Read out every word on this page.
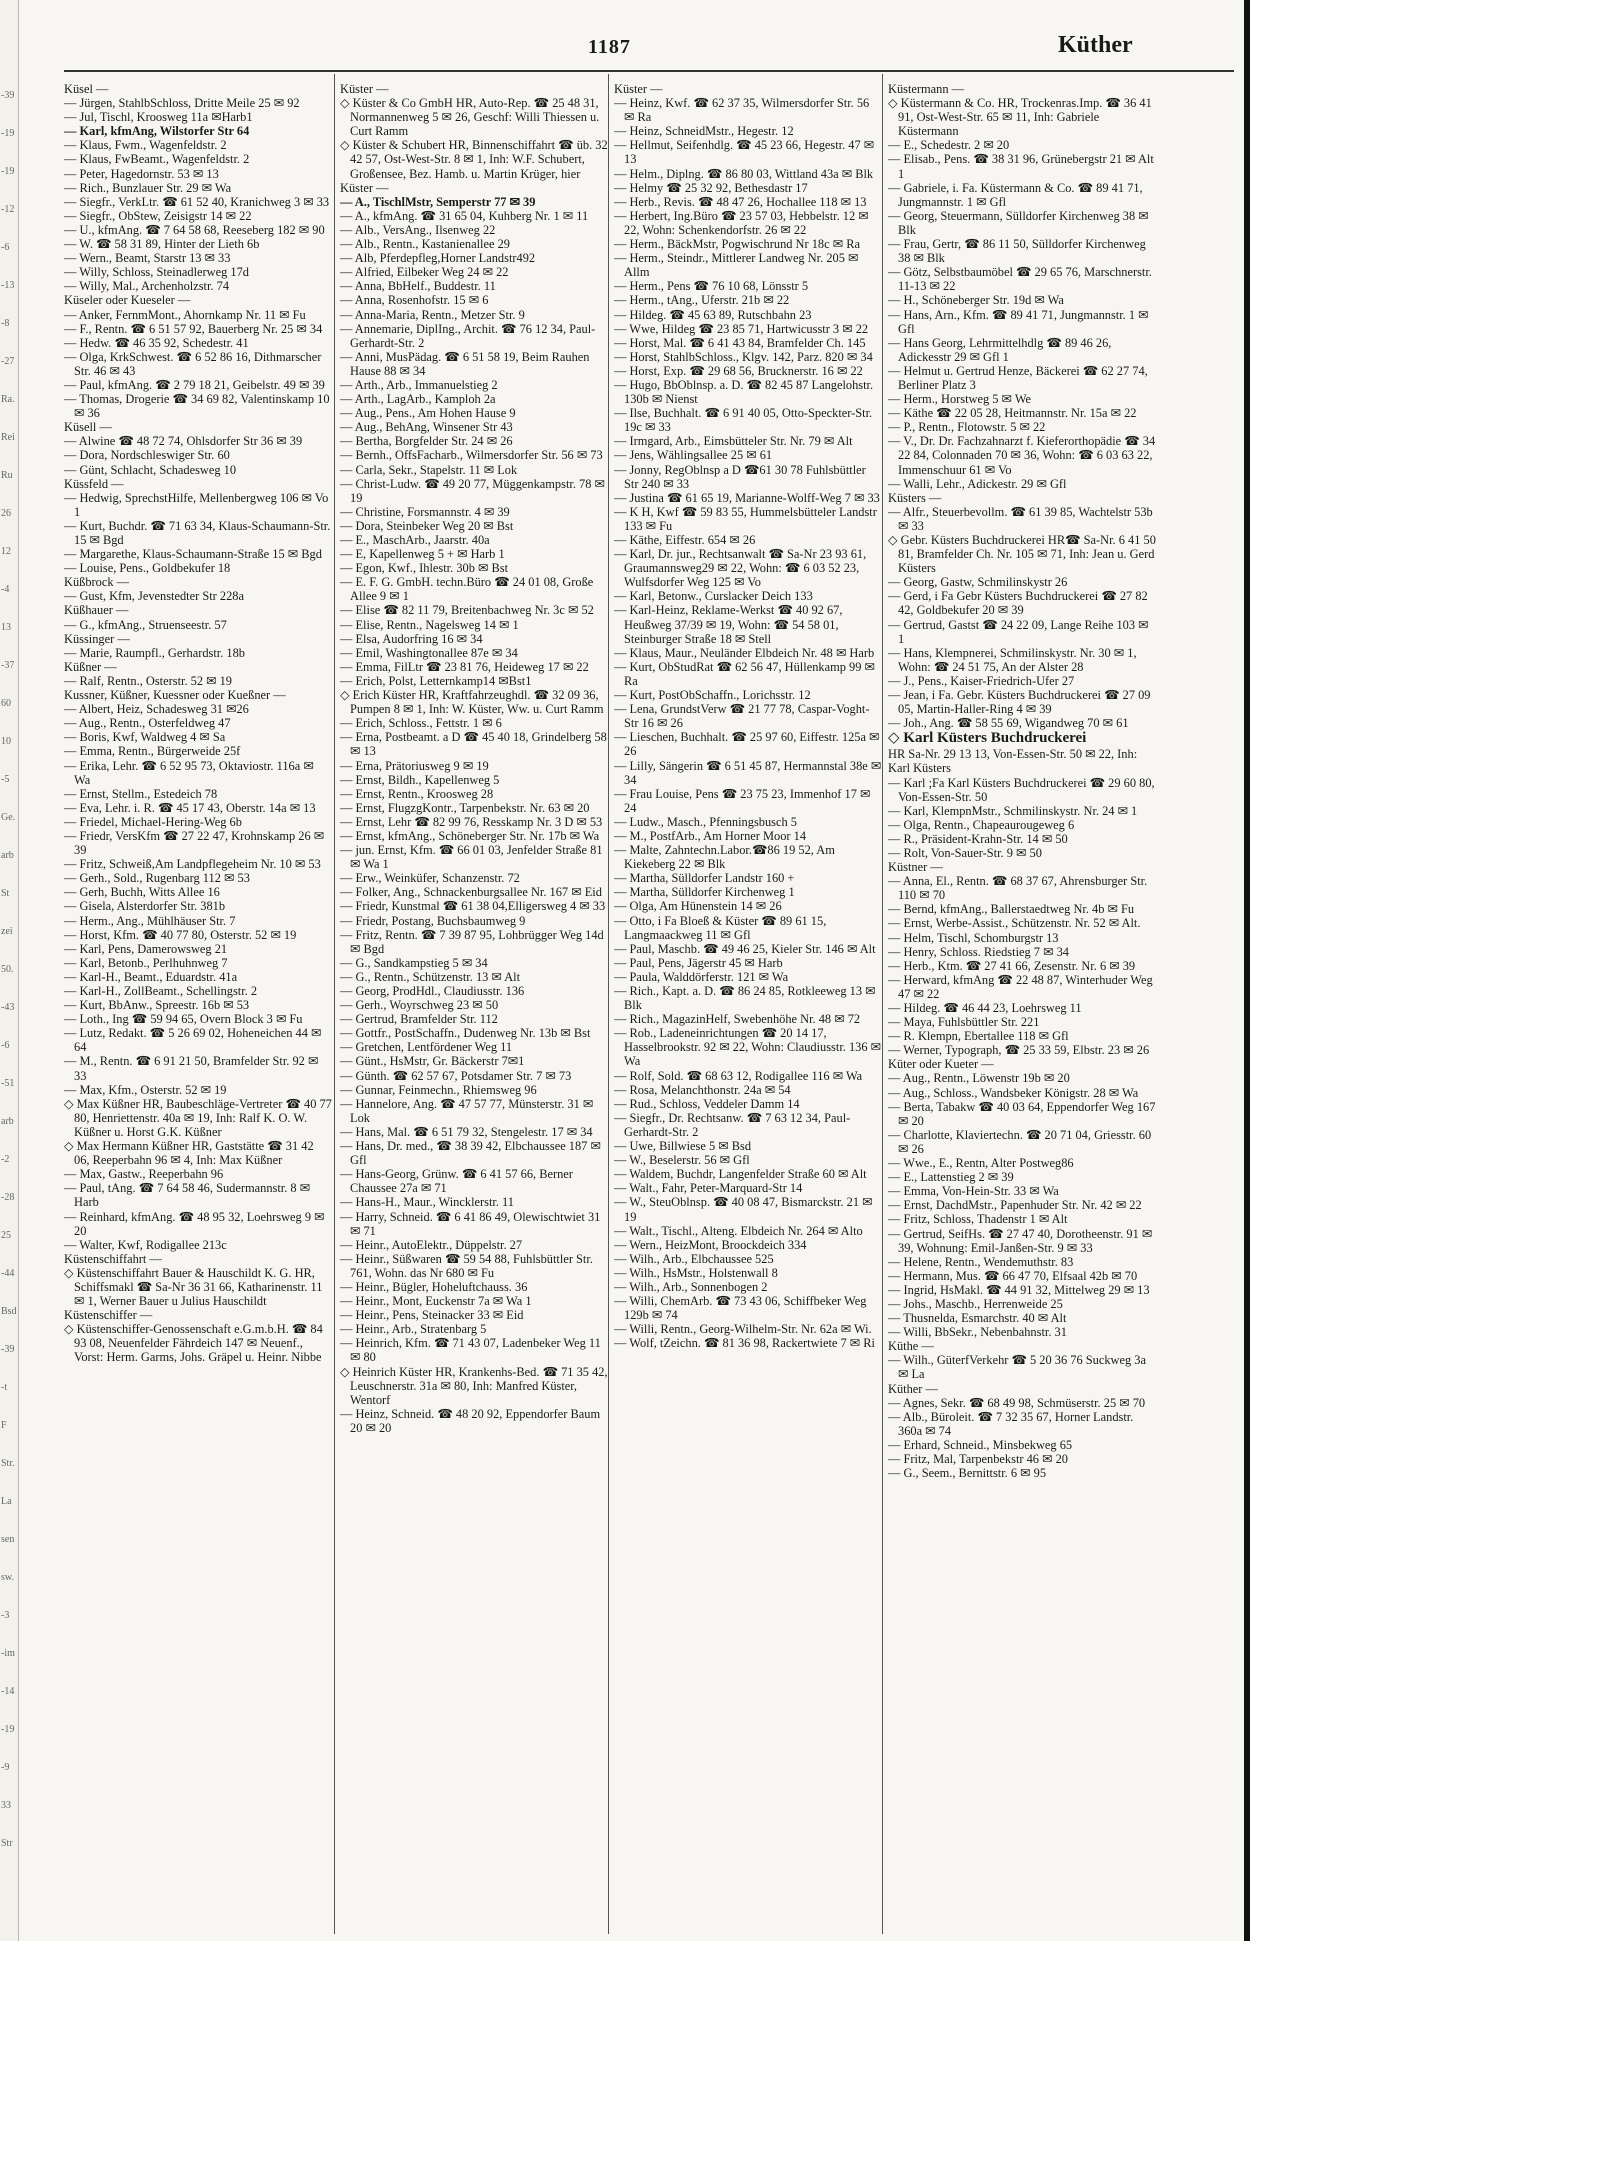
-39
-19
-19
-12
-6
-13
-8
-27
Ra.
Rei
Ru
26
12
-4
13
-37
60
10
-5
Ge.
arb
St
zei
50.
-43
-6
-51
arb
-2
-28
25
-44
Bsd
-39
-t
F
Str.
La
sen
sw.
-3
-im
-14
-19
-9
33
Str
1187	Küther

Küsel —

— Jürgen, StahlbSchloss, Dritte Meile 25 ✉ 92

— Jul, Tischl, Kroosweg 11a ✉Harb1

— Karl, kfmAng, Wilstorfer Str 64

— Klaus, Fwm., Wagenfeldstr. 2

— Klaus, FwBeamt., Wagenfeldstr. 2

— Peter, Hagedornstr. 53 ✉ 13

— Rich., Bunzlauer Str. 29 ✉ Wa

— Siegfr., VerkLtr. ☎ 61 52 40, Kranichweg 3 ✉ 33

— Siegfr., ObStew, Zeisigstr 14 ✉ 22

— U., kfmAng. ☎ 7 64 58 68, Reeseberg 182 ✉ 90

— W. ☎ 58 31 89, Hinter der Lieth 6b

— Wern., Beamt, Starstr 13 ✉ 33

— Willy, Schloss, Steinadlerweg 17d

— Willy, Mal., Archenholzstr. 74

Küseler oder Kueseler —

— Anker, FernmMont., Ahornkamp Nr. 11 ✉ Fu

— F., Rentn. ☎ 6 51 57 92, Bauerberg Nr. 25 ✉ 34

— Hedw. ☎ 46 35 92, Schedestr. 41

— Olga, KrkSchwest. ☎ 6 52 86 16, Dithmarscher Str. 46 ✉ 43

— Paul, kfmAng. ☎ 2 79 18 21, Geibelstr. 49 ✉ 39

— Thomas, Drogerie ☎ 34 69 82, Valentinskamp 10 ✉ 36

Küsell —

— Alwine ☎ 48 72 74, Ohlsdorfer Str 36 ✉ 39

— Dora, Nordschleswiger Str. 60

— Günt, Schlacht, Schadesweg 10

Küssfeld —

— Hedwig, SprechstHilfe, Mellenbergweg 106 ✉ Vo 1

— Kurt, Buchdr. ☎ 71 63 34, Klaus-Schaumann-Str. 15 ✉ Bgd

— Margarethe, Klaus-Schaumann-Straße 15 ✉ Bgd

— Louise, Pens., Goldbekufer 18

Küßbrock —

— Gust, Kfm, Jevenstedter Str 228a

Küßhauer —

— G., kfmAng., Struenseestr. 57

Küssinger —

— Marie, Raumpfl., Gerhardstr. 18b

Küßner —

— Ralf, Rentn., Osterstr. 52 ✉ 19

Kussner, Küßner, Kuessner oder Kueßner —

— Albert, Heiz, Schadesweg 31 ✉26

— Aug., Rentn., Osterfeldweg 47

— Boris, Kwf, Waldweg 4 ✉ Sa

— Emma, Rentn., Bürgerweide 25f

— Erika, Lehr. ☎ 6 52 95 73, Oktaviostr. 116a ✉ Wa

— Ernst, Stellm., Estedeich 78

— Eva, Lehr. i. R. ☎ 45 17 43, Oberstr. 14a ✉ 13

— Friedel, Michael-Hering-Weg 6b

— Friedr, VersKfm ☎ 27 22 47, Krohnskamp 26 ✉ 39

— Fritz, Schweiß,Am Landpflegeheim Nr. 10 ✉ 53

— Gerh., Sold., Rugenbarg 112 ✉ 53

— Gerh, Buchh, Witts Allee 16

— Gisela, Alsterdorfer Str. 381b

— Herm., Ang., Mühlhäuser Str. 7

— Horst, Kfm. ☎ 40 77 80, Osterstr. 52 ✉ 19

— Karl, Pens, Damerowsweg 21

— Karl, Betonb., Perlhuhnweg 7

— Karl-H., Beamt., Eduardstr. 41a

— Karl-H., ZollBeamt., Schellingstr. 2

— Kurt, BbAnw., Spreestr. 16b ✉ 53

— Loth., Ing ☎ 59 94 65, Overn Block 3 ✉ Fu

— Lutz, Redakt. ☎ 5 26 69 02, Hoheneichen 44 ✉ 64

— M., Rentn. ☎ 6 91 21 50, Bramfelder Str. 92 ✉ 33

— Max, Kfm., Osterstr. 52 ✉ 19

◇ Max Küßner HR, Baubeschläge-Vertreter ☎ 40 77 80, Henriettenstr. 40a ✉ 19, Inh: Ralf K. O. W. Küßner u. Horst G.K. Küßner

◇ Max Hermann Küßner HR, Gaststätte ☎ 31 42 06, Reeperbahn 96 ✉ 4, Inh: Max Küßner

— Max, Gastw., Reeperbahn 96

— Paul, tAng. ☎ 7 64 58 46, Sudermannstr. 8 ✉ Harb

— Reinhard, kfmAng. ☎ 48 95 32, Loehrsweg 9 ✉ 20

— Walter, Kwf, Rodigallee 213c

Küstenschiffahrt —

◇ Küstenschiffahrt Bauer & Hauschildt K. G. HR, Schiffsmakl ☎ Sa-Nr 36 31 66, Katharinenstr. 11 ✉ 1, Werner Bauer u Julius Hauschildt

Küstenschiffer —

◇ Küstenschiffer-Genossenschaft e.G.m.b.H. ☎ 84 93 08, Neuenfelder Fährdeich 147 ✉ Neuenf., Vorst: Herm. Garms, Johs. Gräpel u. Heinr. Nibbe

Küster —

◇ Küster & Co GmbH HR, Auto-Rep. ☎ 25 48 31, Normannenweg 5 ✉ 26, Geschf: Willi Thiessen u. Curt Ramm

◇ Küster & Schubert HR, Binnenschiffahrt ☎ üb. 32 42 57, Ost-West-Str. 8 ✉ 1, Inh: W.F. Schubert, Großensee, Bez. Hamb. u. Martin Krüger, hier

Küster —

— A., TischlMstr, Semperstr 77 ✉ 39

— A., kfmAng. ☎ 31 65 04, Kuhberg Nr. 1 ✉ 11

— Alb., VersAng., Ilsenweg 22

— Alb., Rentn., Kastanienallee 29

— Alb, Pferdepfleg,Horner Landstr492

— Alfried, Eilbeker Weg 24 ✉ 22

— Anna, BbHelf., Buddestr. 11

— Anna, Rosenhofstr. 15 ✉ 6

— Anna-Maria, Rentn., Metzer Str. 9

— Annemarie, DiplIng., Archit. ☎ 76 12 34, Paul-Gerhardt-Str. 2

— Anni, MusPädag. ☎ 6 51 58 19, Beim Rauhen Hause 88 ✉ 34

— Arth., Arb., Immanuelstieg 2

— Arth., LagArb., Kamploh 2a

— Aug., Pens., Am Hohen Hause 9

— Aug., BehAng, Winsener Str 43

— Bertha, Borgfelder Str. 24 ✉ 26

— Bernh., OffsFacharb., Wilmersdorfer Str. 56 ✉ 73

— Carla, Sekr., Stapelstr. 11 ✉ Lok

— Christ-Ludw. ☎ 49 20 77, Müggenkampstr. 78 ✉ 19

— Christine, Forsmannstr. 4 ✉ 39

— Dora, Steinbeker Weg 20 ✉ Bst

— E., MaschArb., Jaarstr. 40a

— E, Kapellenweg 5 + ✉ Harb 1

— Egon, Kwf., Ihlestr. 30b ✉ Bst

— E. F. G. GmbH. techn.Büro ☎ 24 01 08, Große Allee 9 ✉ 1

— Elise ☎ 82 11 79, Breitenbachweg Nr. 3c ✉ 52

— Elise, Rentn., Nagelsweg 14 ✉ 1

— Elsa, Audorfring 16 ✉ 34

— Emil, Washingtonallee 87e ✉ 34

— Emma, FilLtr ☎ 23 81 76, Heideweg 17 ✉ 22

— Erich, Polst, Letternkamp14 ✉Bst1

◇ Erich Küster HR, Kraftfahrzeughdl. ☎ 32 09 36, Pumpen 8 ✉ 1, Inh: W. Küster, Ww. u. Curt Ramm

— Erich, Schloss., Fettstr. 1 ✉ 6

— Erna, Postbeamt. a D ☎ 45 40 18, Grindelberg 58 ✉ 13

— Erna, Prätoriusweg 9 ✉ 19

— Ernst, Bildh., Kapellenweg 5

— Ernst, Rentn., Kroosweg 28

— Ernst, FlugzgKontr., Tarpenbekstr. Nr. 63 ✉ 20

— Ernst, Lehr ☎ 82 99 76, Resskamp Nr. 3 D ✉ 53

— Ernst, kfmAng., Schöneberger Str. Nr. 17b ✉ Wa

— jun. Ernst, Kfm. ☎ 66 01 03, Jenfelder Straße 81 ✉ Wa 1

— Erw., Weinküfer, Schanzenstr. 72

— Folker, Ang., Schnackenburgsallee Nr. 167 ✉ Eid

— Friedr, Kunstmal ☎ 61 38 04,Elligersweg 4 ✉ 33

— Friedr, Postang, Buchsbaumweg 9

— Fritz, Rentn. ☎ 7 39 87 95, Lohbrügger Weg 14d ✉ Bgd

— G., Sandkampstieg 5 ✉ 34

— G., Rentn., Schützenstr. 13 ✉ Alt

— Georg, ProdHdl., Claudiusstr. 136

— Gerh., Woyrschweg 23 ✉ 50

— Gertrud, Bramfelder Str. 112

— Gottfr., PostSchaffn., Dudenweg Nr. 13b ✉ Bst

— Gretchen, Lentfördener Weg 11

— Günt., HsMstr, Gr. Bäckerstr 7✉1

— Günth. ☎ 62 57 67, Potsdamer Str. 7 ✉ 73

— Gunnar, Feinmechn., Rhiemsweg 96

— Hannelore, Ang. ☎ 47 57 77, Münsterstr. 31 ✉ Lok

— Hans, Mal. ☎ 6 51 79 32, Stengelestr. 17 ✉ 34

— Hans, Dr. med., ☎ 38 39 42, Elbchaussee 187 ✉ Gfl

— Hans-Georg, Grünw. ☎ 6 41 57 66, Berner Chaussee 27a ✉ 71

— Hans-H., Maur., Wincklerstr. 11

— Harry, Schneid. ☎ 6 41 86 49, Olewischtwiet 31 ✉ 71

— Heinr., AutoElektr., Düppelstr. 27

— Heinr., Süßwaren ☎ 59 54 88, Fuhlsbüttler Str. 761, Wohn. das Nr 680 ✉ Fu

— Heinr., Bügler, Hoheluftchauss. 36

— Heinr., Mont, Euckenstr 7a ✉ Wa 1

— Heinr., Pens, Steinacker 33 ✉ Eid

— Heinr., Arb., Stratenbarg 5

— Heinrich, Kfm. ☎ 71 43 07, Ladenbeker Weg 11 ✉ 80

◇ Heinrich Küster HR, Krankenhs-Bed. ☎ 71 35 42, Leuschnerstr. 31a ✉ 80, Inh: Manfred Küster, Wentorf

— Heinz, Schneid. ☎ 48 20 92, Eppendorfer Baum 20 ✉ 20

Küster —

— Heinz, Kwf. ☎ 62 37 35, Wilmersdorfer Str. 56 ✉ Ra

— Heinz, SchneidMstr., Hegestr. 12

— Hellmut, Seifenhdlg. ☎ 45 23 66, Hegestr. 47 ✉ 13

— Helm., Diplng. ☎ 86 80 03, Wittland 43a ✉ Blk

— Helmy ☎ 25 32 92, Bethesdastr 17

— Herb., Revis. ☎ 48 47 26, Hochallee 118 ✉ 13

— Herbert, Ing.Büro ☎ 23 57 03, Hebbelstr. 12 ✉ 22, Wohn: Schenkendorfstr. 26 ✉ 22

— Herm., BäckMstr, Pogwischrund Nr 18c ✉ Ra

— Herm., Steindr., Mittlerer Landweg Nr. 205 ✉ Allm

— Herm., Pens ☎ 76 10 68, Lönsstr 5

— Herm., tAng., Uferstr. 21b ✉ 22

— Hildeg. ☎ 45 63 89, Rutschbahn 23

— Wwe, Hildeg ☎ 23 85 71, Hartwicusstr 3 ✉ 22

— Horst, Mal. ☎ 6 41 43 84, Bramfelder Ch. 145

— Horst, StahlbSchloss., Klgv. 142, Parz. 820 ✉ 34

— Horst, Exp. ☎ 29 68 56, Brucknerstr. 16 ✉ 22

— Hugo, BbOblnsp. a. D. ☎ 82 45 87 Langelohstr. 130b ✉ Nienst

— Ilse, Buchhalt. ☎ 6 91 40 05, Otto-Speckter-Str. 19c ✉ 33

— Irmgard, Arb., Eimsbütteler Str. Nr. 79 ✉ Alt

— Jens, Wählingsallee 25 ✉ 61

— Jonny, RegOblnsp a D ☎61 30 78 Fuhlsbüttler Str 240 ✉ 33

— Justina ☎ 61 65 19, Marianne-Wolff-Weg 7 ✉ 33

— K H, Kwf ☎ 59 83 55, Hummelsbütteler Landstr 133 ✉ Fu

— Käthe, Eiffestr. 654 ✉ 26

— Karl, Dr. jur., Rechtsanwalt ☎ Sa-Nr 23 93 61, Graumannsweg29 ✉ 22, Wohn: ☎ 6 03 52 23, Wulfsdorfer Weg 125 ✉ Vo

— Karl, Betonw., Curslacker Deich 133

— Karl-Heinz, Reklame-Werkst ☎ 40 92 67, Heußweg 37/39 ✉ 19, Wohn: ☎ 54 58 01, Steinburger Straße 18 ✉ Stell

— Klaus, Maur., Neuländer Elbdeich Nr. 48 ✉ Harb

— Kurt, ObStudRat ☎ 62 56 47, Hüllenkamp 99 ✉ Ra

— Kurt, PostObSchaffn., Lorichsstr. 12

— Lena, GrundstVerw ☎ 21 77 78, Caspar-Voght-Str 16 ✉ 26

— Lieschen, Buchhalt. ☎ 25 97 60, Eiffestr. 125a ✉ 26

— Lilly, Sängerin ☎ 6 51 45 87, Hermannstal 38e ✉ 34

— Frau Louise, Pens ☎ 23 75 23, Immenhof 17 ✉ 24

— Ludw., Masch., Pfenningsbusch 5

— M., PostfArb., Am Horner Moor 14

— Malte, Zahntechn.Labor.☎86 19 52, Am Kiekeberg 22 ✉ Blk

— Martha, Sülldorfer Landstr 160 +

— Martha, Sülldorfer Kirchenweg 1

— Olga, Am Hünenstein 14 ✉ 26

— Otto, i Fa Bloeß & Küster ☎ 89 61 15, Langmaackweg 11 ✉ Gfl

— Paul, Maschb. ☎ 49 46 25, Kieler Str. 146 ✉ Alt

— Paul, Pens, Jägerstr 45 ✉ Harb

— Paula, Walddörferstr. 121 ✉ Wa

— Rich., Kapt. a. D. ☎ 86 24 85, Rotkleeweg 13 ✉ Blk

— Rich., MagazinHelf, Swebenhöhe Nr. 48 ✉ 72

— Rob., Ladeneinrichtungen ☎ 20 14 17, Hasselbrookstr. 92 ✉ 22, Wohn: Claudiusstr. 136 ✉ Wa

— Rolf, Sold. ☎ 68 63 12, Rodigallee 116 ✉ Wa

— Rosa, Melanchthonstr. 24a ✉ 54

— Rud., Schloss, Veddeler Damm 14

— Siegfr., Dr. Rechtsanw. ☎ 7 63 12 34, Paul-Gerhardt-Str. 2

— Uwe, Billwiese 5 ✉ Bsd

— W., Beselerstr. 56 ✉ Gfl

— Waldem, Buchdr, Langenfelder Straße 60 ✉ Alt

— Walt., Fahr, Peter-Marquard-Str 14

— W., SteuOblnsp. ☎ 40 08 47, Bismarckstr. 21 ✉ 19

— Walt., Tischl., Alteng. Elbdeich Nr. 264 ✉ Alto

— Wern., HeizMont, Broockdeich 334

— Wilh., Arb., Elbchaussee 525

— Wilh., HsMstr., Holstenwall 8

— Wilh., Arb., Sonnenbogen 2

— Willi, ChemArb. ☎ 73 43 06, Schiffbeker Weg 129b ✉ 74

— Willi, Rentn., Georg-Wilhelm-Str. Nr. 62a ✉ Wi.

— Wolf, tZeichn. ☎ 81 36 98, Rackertwiete 7 ✉ Ri

Küstermann —

◇ Küstermann & Co. HR, Trockenras.Imp. ☎ 36 41 91, Ost-West-Str. 65 ✉ 11, Inh: Gabriele Küstermann

— E., Schedestr. 2 ✉ 20

— Elisab., Pens. ☎ 38 31 96, Grünebergstr 21 ✉ Alt 1

— Gabriele, i. Fa. Küstermann & Co. ☎ 89 41 71, Jungmannstr. 1 ✉ Gfl

— Georg, Steuermann, Sülldorfer Kirchenweg 38 ✉ Blk

— Frau, Gertr, ☎ 86 11 50, Sülldorfer Kirchenweg 38 ✉ Blk

— Götz, Selbstbaumöbel ☎ 29 65 76, Marschnerstr. 11-13 ✉ 22

— H., Schöneberger Str. 19d ✉ Wa

— Hans, Arn., Kfm. ☎ 89 41 71, Jungmannstr. 1 ✉ Gfl

— Hans Georg, Lehrmittelhdlg ☎ 89 46 26, Adickesstr 29 ✉ Gfl 1

— Helmut u. Gertrud Henze, Bäckerei ☎ 62 27 74, Berliner Platz 3

— Herm., Horstweg 5 ✉ We

— Käthe ☎ 22 05 28, Heitmannstr. Nr. 15a ✉ 22

— P., Rentn., Flotowstr. 5 ✉ 22

— V., Dr. Dr. Fachzahnarzt f. Kieferorthopädie ☎ 34 22 84, Colonnaden 70 ✉ 36, Wohn: ☎ 6 03 63 22, Immenschuur 61 ✉ Vo

— Walli, Lehr., Adickestr. 29 ✉ Gfl

Küsters —

— Alfr., Steuerbevollm. ☎ 61 39 85, Wachtelstr 53b ✉ 33

◇ Gebr. Küsters Buchdruckerei HR☎ Sa-Nr. 6 41 50 81, Bramfelder Ch. Nr. 105 ✉ 71, Inh: Jean u. Gerd Küsters

— Georg, Gastw, Schmilinskystr 26

— Gerd, i Fa Gebr Küsters Buchdruckerei ☎ 27 82 42, Goldbekufer 20 ✉ 39

— Gertrud, Gastst ☎ 24 22 09, Lange Reihe 103 ✉ 1

— Hans, Klempnerei, Schmilinskystr. Nr. 30 ✉ 1, Wohn: ☎ 24 51 75, An der Alster 28

— J., Pens., Kaiser-Friedrich-Ufer 27

— Jean, i Fa. Gebr. Küsters Buchdruckerei ☎ 27 09 05, Martin-Haller-Ring 4 ✉ 39

— Joh., Ang. ☎ 58 55 69, Wigandweg 70 ✉ 61

◇ Karl Küsters Buchdruckerei

HR Sa-Nr. 29 13 13, Von-Essen-Str. 50 ✉ 22, Inh: Karl Küsters

— Karl ;Fa Karl Küsters Buchdruckerei ☎ 29 60 80, Von-Essen-Str. 50

— Karl, KlempnMstr., Schmilinskystr. Nr. 24 ✉ 1

— Olga, Rentn., Chapeaurougeweg 6

— R., Präsident-Krahn-Str. 14 ✉ 50

— Rolt, Von-Sauer-Str. 9 ✉ 50

Küstner —

— Anna, El., Rentn. ☎ 68 37 67, Ahrensburger Str. 110 ✉ 70

— Bernd, kfmAng., Ballerstaedtweg Nr. 4b ✉ Fu

— Ernst, Werbe-Assist., Schützenstr. Nr. 52 ✉ Alt.

— Helm, Tischl, Schomburgstr 13

— Henry, Schloss. Riedstieg 7 ✉ 34

— Herb., Ktm. ☎ 27 41 66, Zesenstr. Nr. 6 ✉ 39

— Herward, kfmAng ☎ 22 48 87, Winterhuder Weg 47 ✉ 22

— Hildeg. ☎ 46 44 23, Loehrsweg 11

— Maya, Fuhlsbüttler Str. 221

— R. Klempn, Ebertallee 118 ✉ Gfl

— Werner, Typograph, ☎ 25 33 59, Elbstr. 23 ✉ 26

Küter oder Kueter —

— Aug., Rentn., Löwenstr 19b ✉ 20

— Aug., Schloss., Wandsbeker Königstr. 28 ✉ Wa

— Berta, Tabakw ☎ 40 03 64, Eppendorfer Weg 167 ✉ 20

— Charlotte, Klaviertechn. ☎ 20 71 04, Griesstr. 60 ✉ 26

— Wwe., E., Rentn, Alter Postweg86

— E., Lattenstieg 2 ✉ 39

— Emma, Von-Hein-Str. 33 ✉ Wa

— Ernst, DachdMstr., Papenhuder Str. Nr. 42 ✉ 22

— Fritz, Schloss, Thadenstr 1 ✉ Alt

— Gertrud, SeifHs. ☎ 27 47 40, Dorotheenstr. 91 ✉ 39, Wohnung: Emil-Janßen-Str. 9 ✉ 33

— Helene, Rentn., Wendemuthstr. 83

— Hermann, Mus. ☎ 66 47 70, Elfsaal 42b ✉ 70

— Ingrid, HsMakl. ☎ 44 91 32, Mittelweg 29 ✉ 13

— Johs., Maschb., Herrenweide 25

— Thusnelda, Esmarchstr. 40 ✉ Alt

— Willi, BbSekr., Nebenbahnstr. 31

Küthe —

— Wilh., GüterfVerkehr ☎ 5 20 36 76 Suckweg 3a ✉ La

Küther —

— Agnes, Sekr. ☎ 68 49 98, Schmüserstr. 25 ✉ 70

— Alb., Büroleit. ☎ 7 32 35 67, Horner Landstr. 360a ✉ 74

— Erhard, Schneid., Minsbekweg 65

— Fritz, Mal, Tarpenbekstr 46 ✉ 20

— G., Seem., Bernittstr. 6 ✉ 95
